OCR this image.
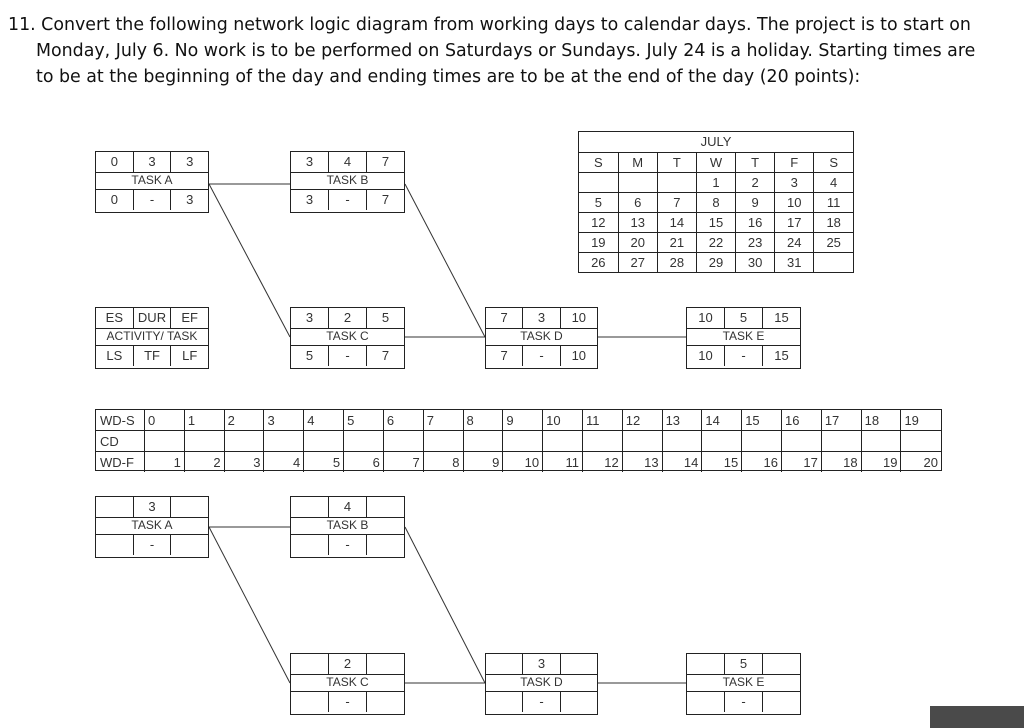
11. Convert the following network logic diagram from working days to calendar days. The project is to start on
Monday, July 6. No work is to be performed on Saturdays or Sundays. July 24 is a holiday. Starting times are
to be at the beginning of the day and ending times are to be at the end of the day (20 points):
0	3	3
TASK A
0	-	3
3	4	7
TASK B
3	-	7
ES	DUR	EF
ACTIVITY/ TASK
LS	TF	LF
3	2	5
TASK C
5	-	7
7	3	10
TASK D
7	-	10
10	5	15
TASK E
10	-	15
JULY
S	M	T	W	T	F	S
			1	2	3	4
5	6	7	8	9	10	11
12	13	14	15	16	17	18
19	20	21	22	23	24	25
26	27	28	29	30	31	
WD-S	0	1	2	3	4	5	6	7	8	9	10	11	12	13	14	15	16	17	18	19
CD																				
WD-F	1	2	3	4	5	6	7	8	9	10	11	12	13	14	15	16	17	18	19	20
3
TASK A
-
4
TASK B
-
2
TASK C
-
3
TASK D
-
5
TASK E
-
